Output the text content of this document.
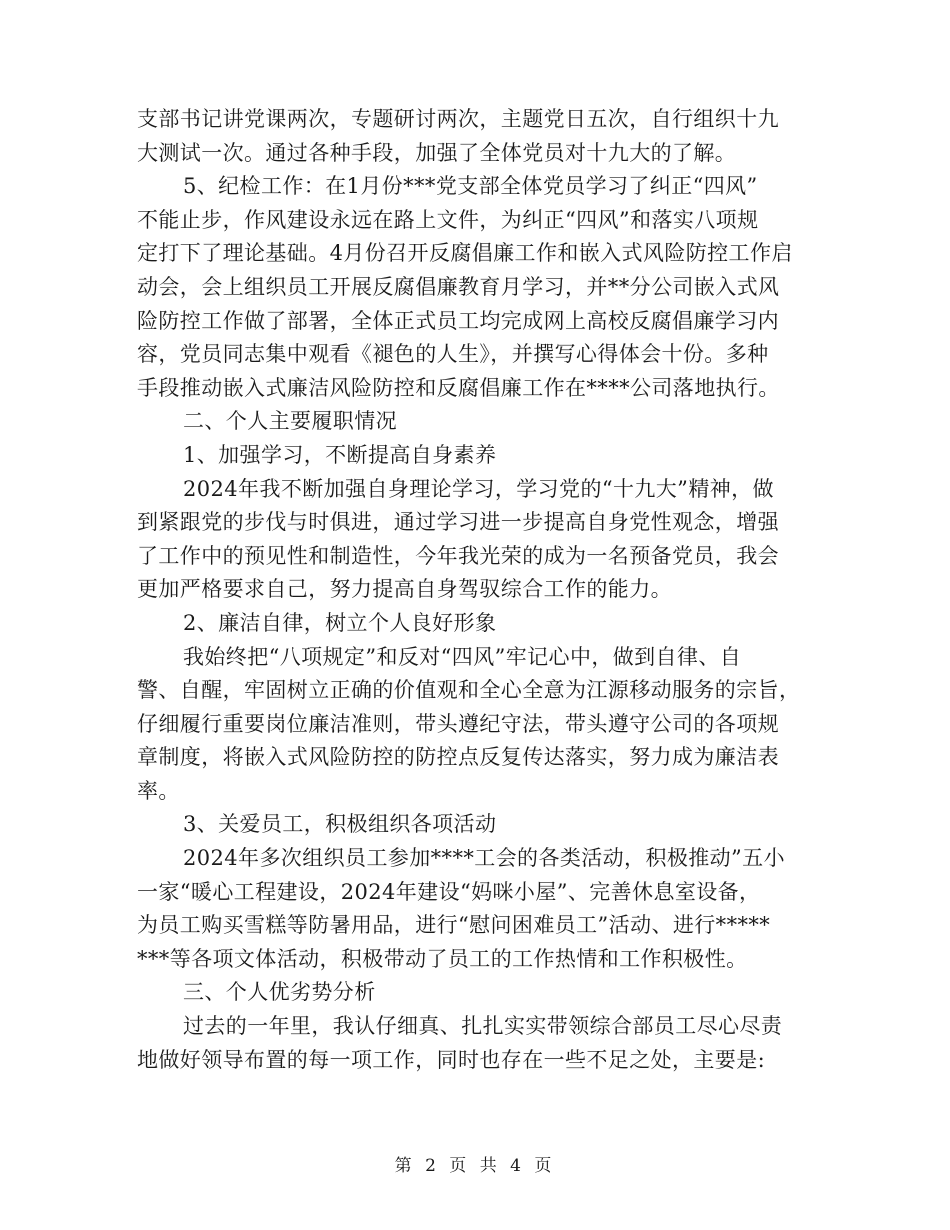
支部书记讲党课两次，专题研讨两次，主题党日五次，自行组织十九
大测试一次。通过各种手段，加强了全体党员对十九大的了解。
5、纪检工作：在1月份***党支部全体党员学习了纠正“四风”
不能止步，作风建设永远在路上文件，为纠正“四风”和落实八项规
定打下了理论基础。4月份召开反腐倡廉工作和嵌入式风险防控工作启
动会，会上组织员工开展反腐倡廉教育月学习，并**分公司嵌入式风
险防控工作做了部署，全体正式员工均完成网上高校反腐倡廉学习内
容，党员同志集中观看《褪色的人生》，并撰写心得体会十份。多种
手段推动嵌入式廉洁风险防控和反腐倡廉工作在****公司落地执行。
二、个人主要履职情况
1、加强学习，不断提高自身素养
2024年我不断加强自身理论学习，学习党的“十九大”精神，做
到紧跟党的步伐与时俱进，通过学习进一步提高自身党性观念，增强
了工作中的预见性和制造性，今年我光荣的成为一名预备党员，我会
更加严格要求自己，努力提高自身驾驭综合工作的能力。
2、廉洁自律，树立个人良好形象
我始终把“八项规定”和反对“四风”牢记心中，做到自律、自
警、自醒，牢固树立正确的价值观和全心全意为江源移动服务的宗旨，
仔细履行重要岗位廉洁准则，带头遵纪守法，带头遵守公司的各项规
章制度，将嵌入式风险防控的防控点反复传达落实，努力成为廉洁表
率。
3、关爱员工，积极组织各项活动
2024年多次组织员工参加****工会的各类活动，积极推动”五小
一家“暖心工程建设，2024年建设“妈咪小屋”、完善休息室设备，
为员工购买雪糕等防暑用品，进行“慰问困难员工”活动、进行*****
***等各项文体活动，积极带动了员工的工作热情和工作积极性。
三、个人优劣势分析
过去的一年里，我认仔细真、扎扎实实带领综合部员工尽心尽责
地做好领导布置的每一项工作，同时也存在一些不足之处，主要是:
第 2 页 共 4 页
